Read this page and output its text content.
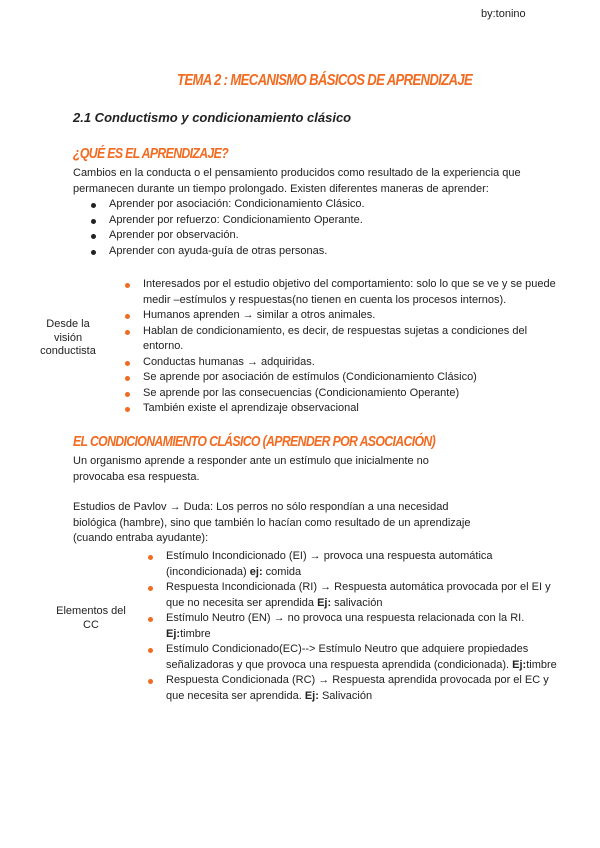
by:tonino
TEMA 2 : MECANISMO BÁSICOS DE APRENDIZAJE
2.1 Conductismo y condicionamiento clásico
¿QUÉ ES EL APRENDIZAJE?
Cambios en la conducta o el pensamiento producidos como resultado de la experiencia que permanecen durante un tiempo prolongado. Existen diferentes maneras de aprender:
Aprender por asociación: Condicionamiento Clásico.
Aprender por refuerzo: Condicionamiento Operante.
Aprender por observación.
Aprender con ayuda-guía de otras personas.
Desde la visión conductista
Interesados por el estudio objetivo del comportamiento: solo lo que se ve y se puede medir –estímulos y respuestas(no tienen en cuenta los procesos internos).
Humanos aprenden → similar a otros animales.
Hablan de condicionamiento, es decir, de respuestas sujetas a condiciones del entorno.
Conductas humanas → adquiridas.
Se aprende por asociación de estímulos (Condicionamiento Clásico)
Se aprende por las consecuencias (Condicionamiento Operante)
También existe el aprendizaje observacional
EL CONDICIONAMIENTO CLÁSICO (APRENDER POR ASOCIACIÓN)
Un organismo aprende a responder ante un estímulo que inicialmente no provocaba esa respuesta.
Estudios de Pavlov → Duda: Los perros no sólo respondían a una necesidad biológica (hambre), sino que también lo hacían como resultado de un aprendizaje (cuando entraba ayudante):
Elementos del CC
Estímulo Incondicionado (EI) → provoca una respuesta automática (incondicionada) ej: comida
Respuesta Incondicionada (RI) → Respuesta automática provocada por el EI y que no necesita ser aprendida Ej: salivación
Estímulo Neutro (EN) → no provoca una respuesta relacionada con la RI. Ej:timbre
Estímulo Condicionado(EC)--> Estímulo Neutro que adquiere propiedades señalizadoras y que provoca una respuesta aprendida (condicionada). Ej:timbre
Respuesta Condicionada (RC) → Respuesta aprendida provocada por el EC y que necesita ser aprendida. Ej: Salivación
